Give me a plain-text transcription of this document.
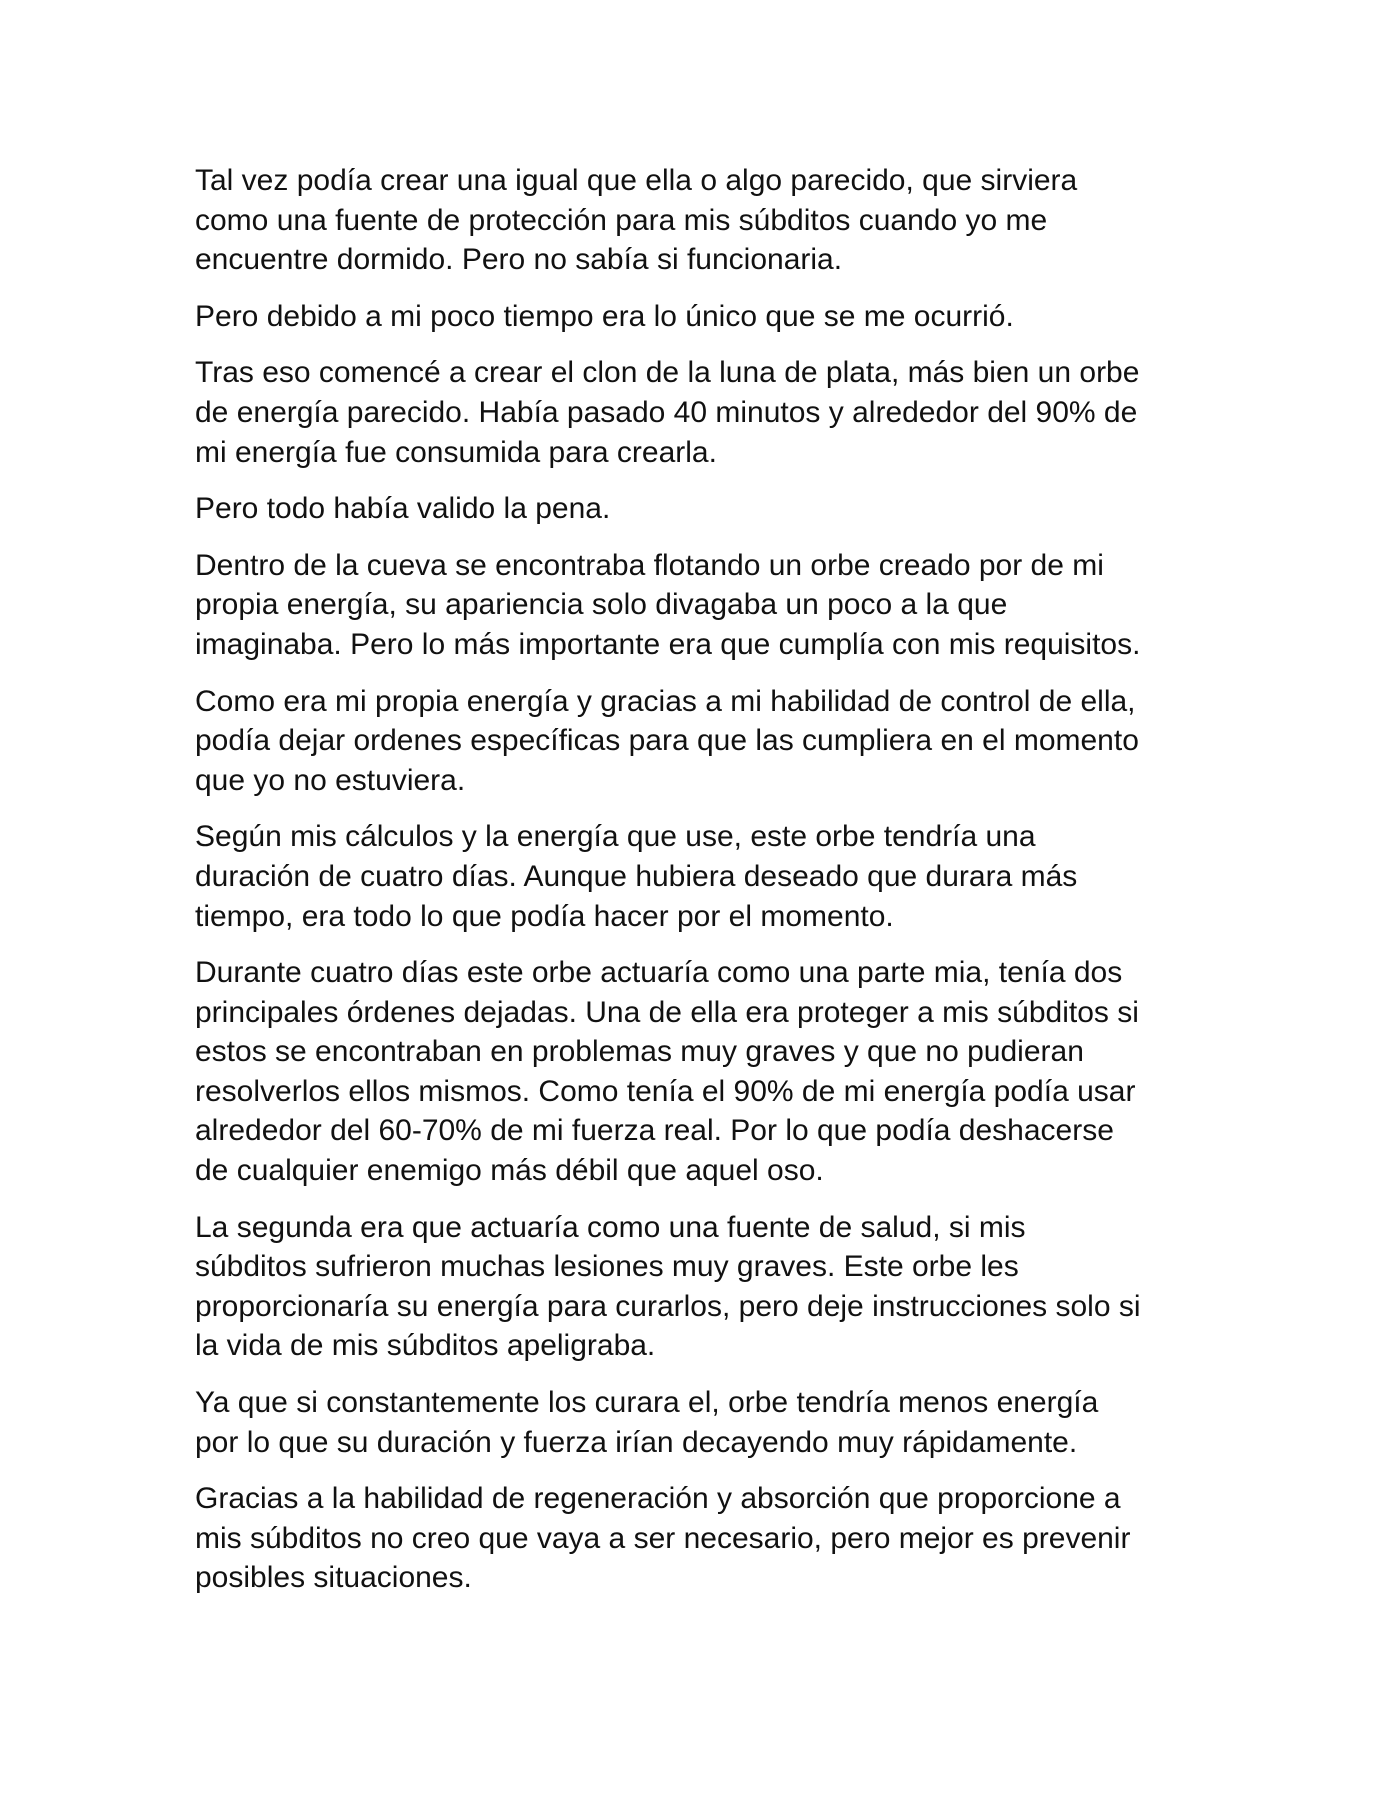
Tal vez podía crear una igual que ella o algo parecido, que sirviera
como una fuente de protección para mis súbditos cuando yo me
encuentre dormido. Pero no sabía si funcionaria.

Pero debido a mi poco tiempo era lo único que se me ocurrió.

Tras eso comencé a crear el clon de la luna de plata, más bien un orbe
de energía parecido. Había pasado 40 minutos y alrededor del 90% de
mi energía fue consumida para crearla.

Pero todo había valido la pena.

Dentro de la cueva se encontraba flotando un orbe creado por de mi
propia energía, su apariencia solo divagaba un poco a la que
imaginaba. Pero lo más importante era que cumplía con mis requisitos.

Como era mi propia energía y gracias a mi habilidad de control de ella,
podía dejar ordenes específicas para que las cumpliera en el momento
que yo no estuviera.

Según mis cálculos y la energía que use, este orbe tendría una
duración de cuatro días. Aunque hubiera deseado que durara más
tiempo, era todo lo que podía hacer por el momento.

Durante cuatro días este orbe actuaría como una parte mia, tenía dos
principales órdenes dejadas. Una de ella era proteger a mis súbditos si
estos se encontraban en problemas muy graves y que no pudieran
resolverlos ellos mismos. Como tenía el 90% de mi energía podía usar
alrededor del 60-70% de mi fuerza real. Por lo que podía deshacerse
de cualquier enemigo más débil que aquel oso.

La segunda era que actuaría como una fuente de salud, si mis
súbditos sufrieron muchas lesiones muy graves. Este orbe les
proporcionaría su energía para curarlos, pero deje instrucciones solo si
la vida de mis súbditos apeligraba.

Ya que si constantemente los curara el, orbe tendría menos energía
por lo que su duración y fuerza irían decayendo muy rápidamente.

Gracias a la habilidad de regeneración y absorción que proporcione a
mis súbditos no creo que vaya a ser necesario, pero mejor es prevenir
posibles situaciones.
